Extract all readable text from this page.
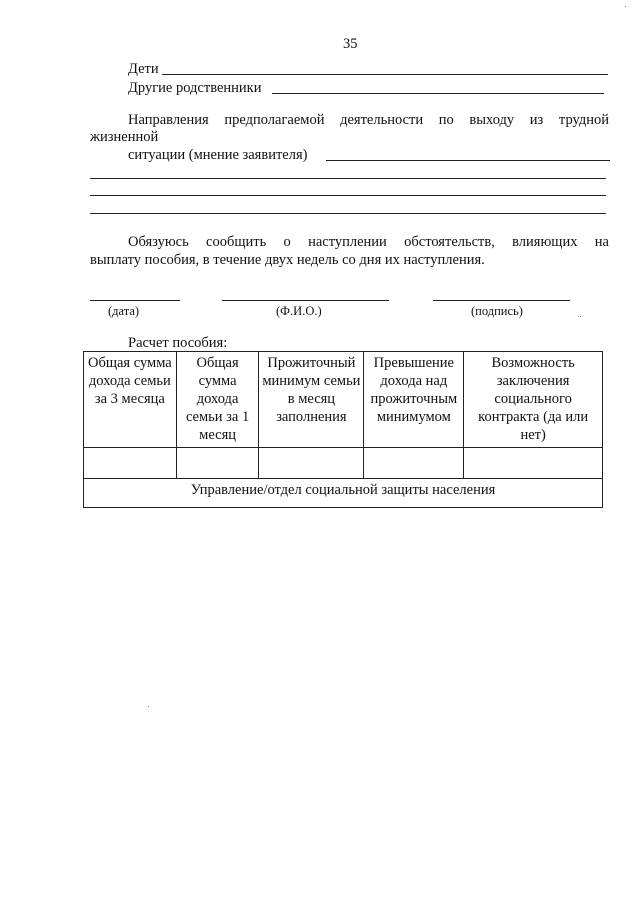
35
Дети
Другие родственники
Направления предполагаемой деятельности по выходу из трудной
жизненной
ситуации (мнение заявителя)
Обязуюсь сообщить о наступлении обстоятельств, влияющих на
выплату пособия, в течение двух недель со дня их наступления.
(дата)	(Ф.И.О.)	(подпись)
Расчет пособия:
Общая сумма дохода семьи за 3 месяца	Общая сумма дохода семьи за 1 месяц	Прожиточный минимум семьи в месяц заполнения	Превышение дохода над прожиточным минимумом	Возможность заключения социального контракта (да или нет)

Управление/отдел социальной защиты населения				
